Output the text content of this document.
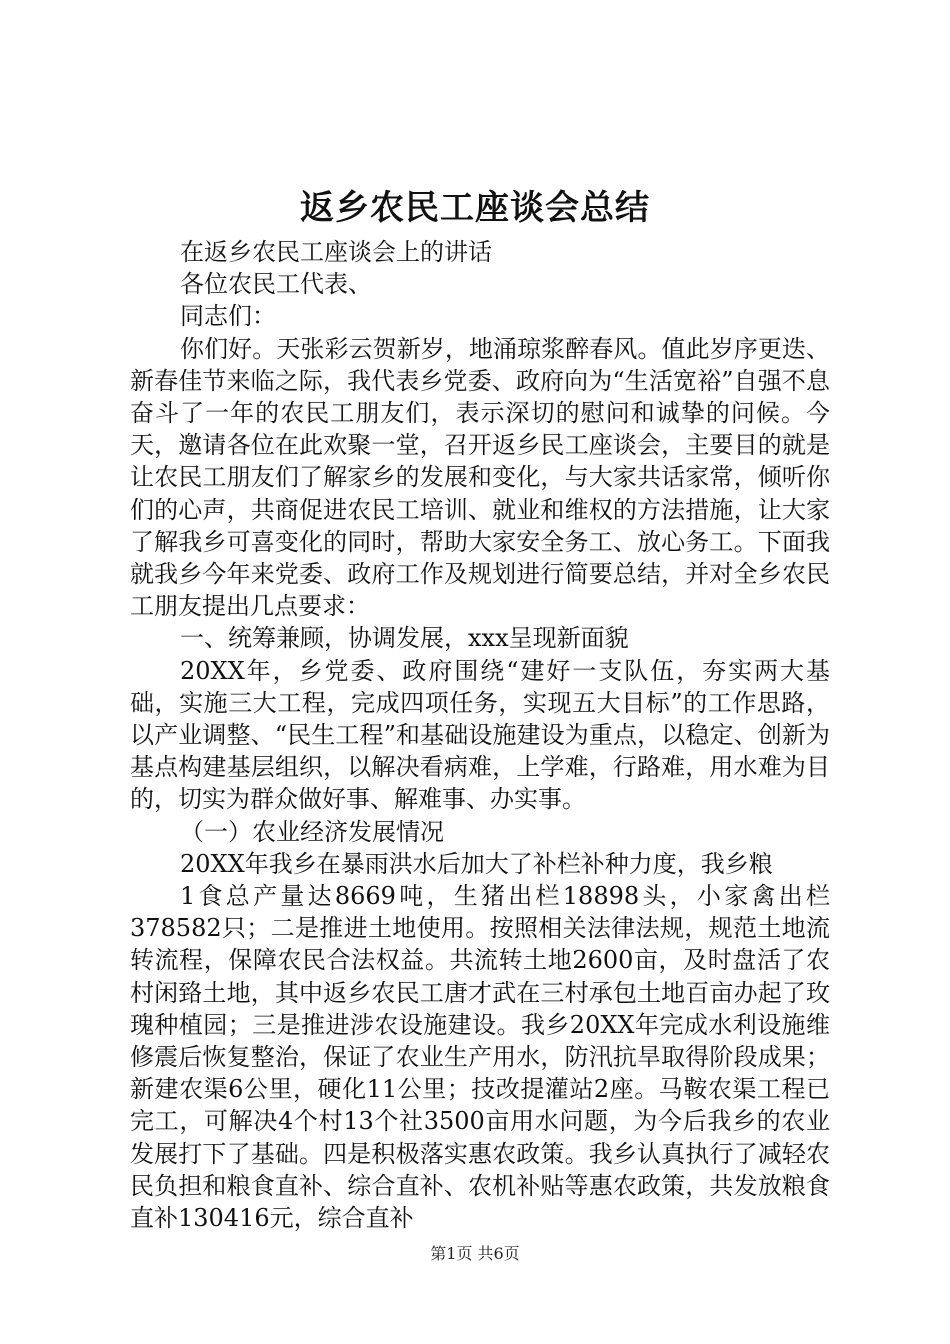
返乡农民工座谈会总结

在返乡农民工座谈会上的讲话

各位农民工代表、

同志们：

你们好。天张彩云贺新岁，地涌琼浆醉春风。值此岁序更迭、新春佳节来临之际，我代表乡党委、政府向为“生活宽裕”自强不息奋斗了一年的农民工朋友们，表示深切的慰问和诚挚的问候。今天，邀请各位在此欢聚一堂，召开返乡民工座谈会，主要目的就是让农民工朋友们了解家乡的发展和变化，与大家共话家常，倾听你们的心声，共商促进农民工培训、就业和维权的方法措施，让大家了解我乡可喜变化的同时，帮助大家安全务工、放心务工。下面我就我乡今年来党委、政府工作及规划进行简要总结，并对全乡农民工朋友提出几点要求：

一、统筹兼顾，协调发展，xxx呈现新面貌

20XX年，乡党委、政府围绕“建好一支队伍，夯实两大基础，实施三大工程，完成四项任务，实现五大目标”的工作思路，以产业调整、“民生工程”和基础设施建设为重点，以稳定、创新为基点构建基层组织，以解决看病难，上学难，行路难，用水难为目的，切实为群众做好事、解难事、办实事。

（一）农业经济发展情况

20XX年我乡在暴雨洪水后加大了补栏补种力度，我乡粮

1食总产量达8669吨，生猪出栏18898头，小家禽出栏378582只；二是推进土地使用。按照相关法律法规，规范土地流转流程，保障农民合法权益。共流转土地2600亩，及时盘活了农村闲臵土地，其中返乡农民工唐才武在三村承包土地百亩办起了玫瑰种植园；三是推进涉农设施建设。我乡20XX年完成水利设施维修震后恢复整治，保证了农业生产用水，防汛抗旱取得阶段成果；新建农渠6公里，硬化11公里；技改提灌站2座。马鞍农渠工程已完工，可解决4个村13个社3500亩用水问题，为今后我乡的农业发展打下了基础。四是积极落实惠农政策。我乡认真执行了减轻农民负担和粮食直补、综合直补、农机补贴等惠农政策，共发放粮食直补130416元，综合直补

第1页 共6页
